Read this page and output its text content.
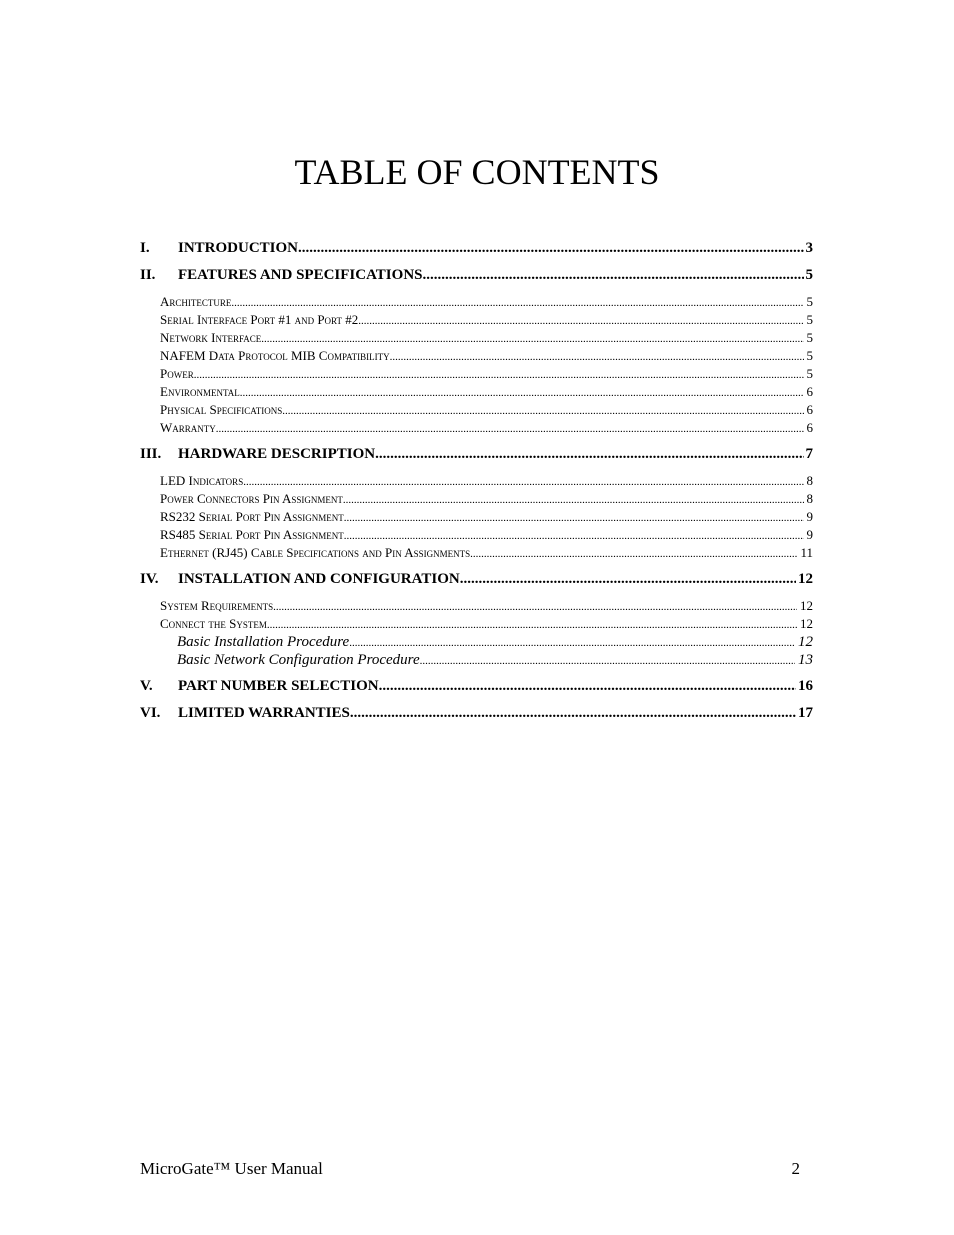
TABLE OF CONTENTS
I.	INTRODUCTION .....	3
II.	FEATURES AND SPECIFICATIONS .....	5
Architecture .....	5
Serial Interface Port #1 and Port #2 .....	5
Network Interface .....	5
NAFEM Data Protocol MIB Compatibility .....	5
Power .....	5
Environmental .....	6
Physical Specifications .....	6
Warranty .....	6
III.	HARDWARE DESCRIPTION .....	7
LED Indicators .....	8
Power Connectors Pin Assignment .....	8
RS232 Serial Port Pin Assignment .....	9
RS485 Serial Port Pin Assignment .....	9
Ethernet (RJ45) Cable Specifications and Pin Assignments .....	11
IV.	INSTALLATION AND CONFIGURATION .....	12
System Requirements .....	12
Connect the System .....	12
Basic Installation Procedure .....	12
Basic Network Configuration Procedure .....	13
V.	PART NUMBER SELECTION .....	16
VI.	LIMITED WARRANTIES .....	17
MicroGate™ User Manual	2
